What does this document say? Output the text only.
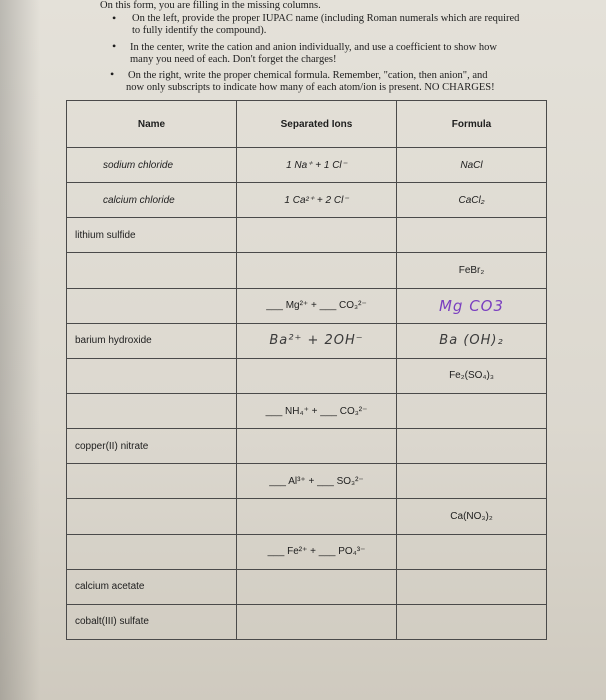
On this form, you are filling in the missing columns.
• On the left, provide the proper IUPAC name (including Roman numerals which are required
to fully identify the compound).
• In the center, write the cation and anion individually, and use a coefficient to show how
many you need of each. Don't forget the charges!
• On the right, write the proper chemical formula. Remember, "cation, then anion", and
now only subscripts to indicate how many of each atom/ion is present. NO CHARGES!
Name	Separated Ions	Formula
sodium chloride	1 Na⁺ + 1 Cl⁻	NaCl
calcium chloride	1 Ca²⁺ + 2 Cl⁻	CaCl₂
lithium sulfide		
		FeBr₂
	___ Mg²⁺ + ___ CO₃²⁻	Mg CO3
barium hydroxide	Ba²⁺ + 2OH⁻	Ba (OH)₂
		Fe₂(SO₄)₃
	___ NH₄⁺ + ___ CO₃²⁻	
copper(II) nitrate		
	___ Al³⁺ + ___ SO₃²⁻	
		Ca(NO₃)₂
	___ Fe²⁺ + ___ PO₄³⁻	
calcium acetate		
cobalt(III) sulfate		
